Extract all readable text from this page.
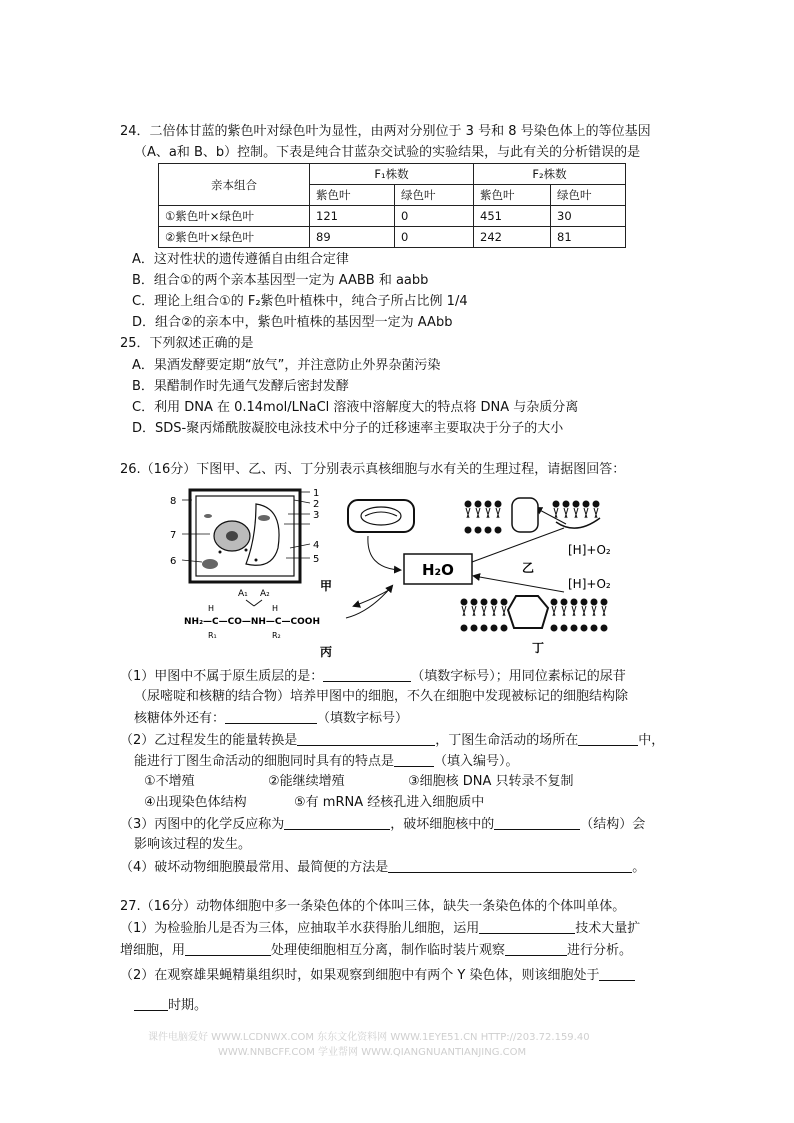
24．二倍体甘蓝的紫色叶对绿色叶为显性，由两对分别位于 3 号和 8 号染色体上的等位基因
（A、a和 B、b）控制。下表是纯合甘蓝杂交试验的实验结果，与此有关的分析错误的是
亲本组合	F₁株数		F₂株数	
	紫色叶	绿色叶	紫色叶	绿色叶
①紫色叶×绿色叶	121	0	451	30
②紫色叶×绿色叶	89	0	242	81
A．这对性状的遗传遵循自由组合定律
B．组合①的两个亲本基因型一定为 AABB 和 aabb
C．理论上组合①的 F₂紫色叶植株中，纯合子所占比例 1/4
D．组合②的亲本中，紫色叶植株的基因型一定为 AAbb
25．下列叙述正确的是
A．果酒发酵要定期“放气”，并注意防止外界杂菌污染
B．果醋制作时先通气发酵后密封发酵
C．利用 DNA 在 0.14mol/LNaCl 溶液中溶解度大的特点将 DNA 与杂质分离
D．SDS-聚丙烯酰胺凝胶电泳技术中分子的迁移速率主要取决于分子的大小
26.（16分）下图甲、乙、丙、丁分别表示真核细胞与水有关的生理过程，请据图回答：
1
2
3
4
5
8
7
6
甲
H₂O	乙
[H]+O₂
[H]+O₂
丁
A₁ A₂
H	H
NH₂—C—CO—NH—C—COOH
R₁	R₂
丙
（1）甲图中不属于原生质层的是：	（填数字标号）；用同位素标记的尿苷
（尿嘧啶和核糖的结合物）培养甲图中的细胞，不久在细胞中发现被标记的细胞结构除
核糖体外还有：	（填数字标号）
（2）乙过程发生的能量转换是	，丁图生命活动的场所在	中，
能进行丁图生命活动的细胞同时具有的特点是	（填入编号）。
①不增殖	②能继续增殖	③细胞核 DNA 只转录不复制
④出现染色体结构	⑤有 mRNA 经核孔进入细胞质中
（3）丙图中的化学反应称为	，破坏细胞核中的	（结构）会
影响该过程的发生。
（4）破坏动物细胞膜最常用、最简便的方法是	。
27.（16分）动物体细胞中多一条染色体的个体叫三体，缺失一条染色体的个体叫单体。
（1）为检验胎儿是否为三体，应抽取羊水获得胎儿细胞，运用	技术大量扩
增细胞，用	处理使细胞相互分离，制作临时装片观察	进行分析。
（2）在观察雄果蝇精巢组织时，如果观察到细胞中有两个 Y 染色体，则该细胞处于
时期。
课件电脑爱好 WWW.LCDNWX.COM 东东文化资料网 WWW.1EYE51.CN HTTP://203.72.159.40
WWW.NNBCFF.COM 学业帮网 WWW.QIANGNUANTIANJING.COM
